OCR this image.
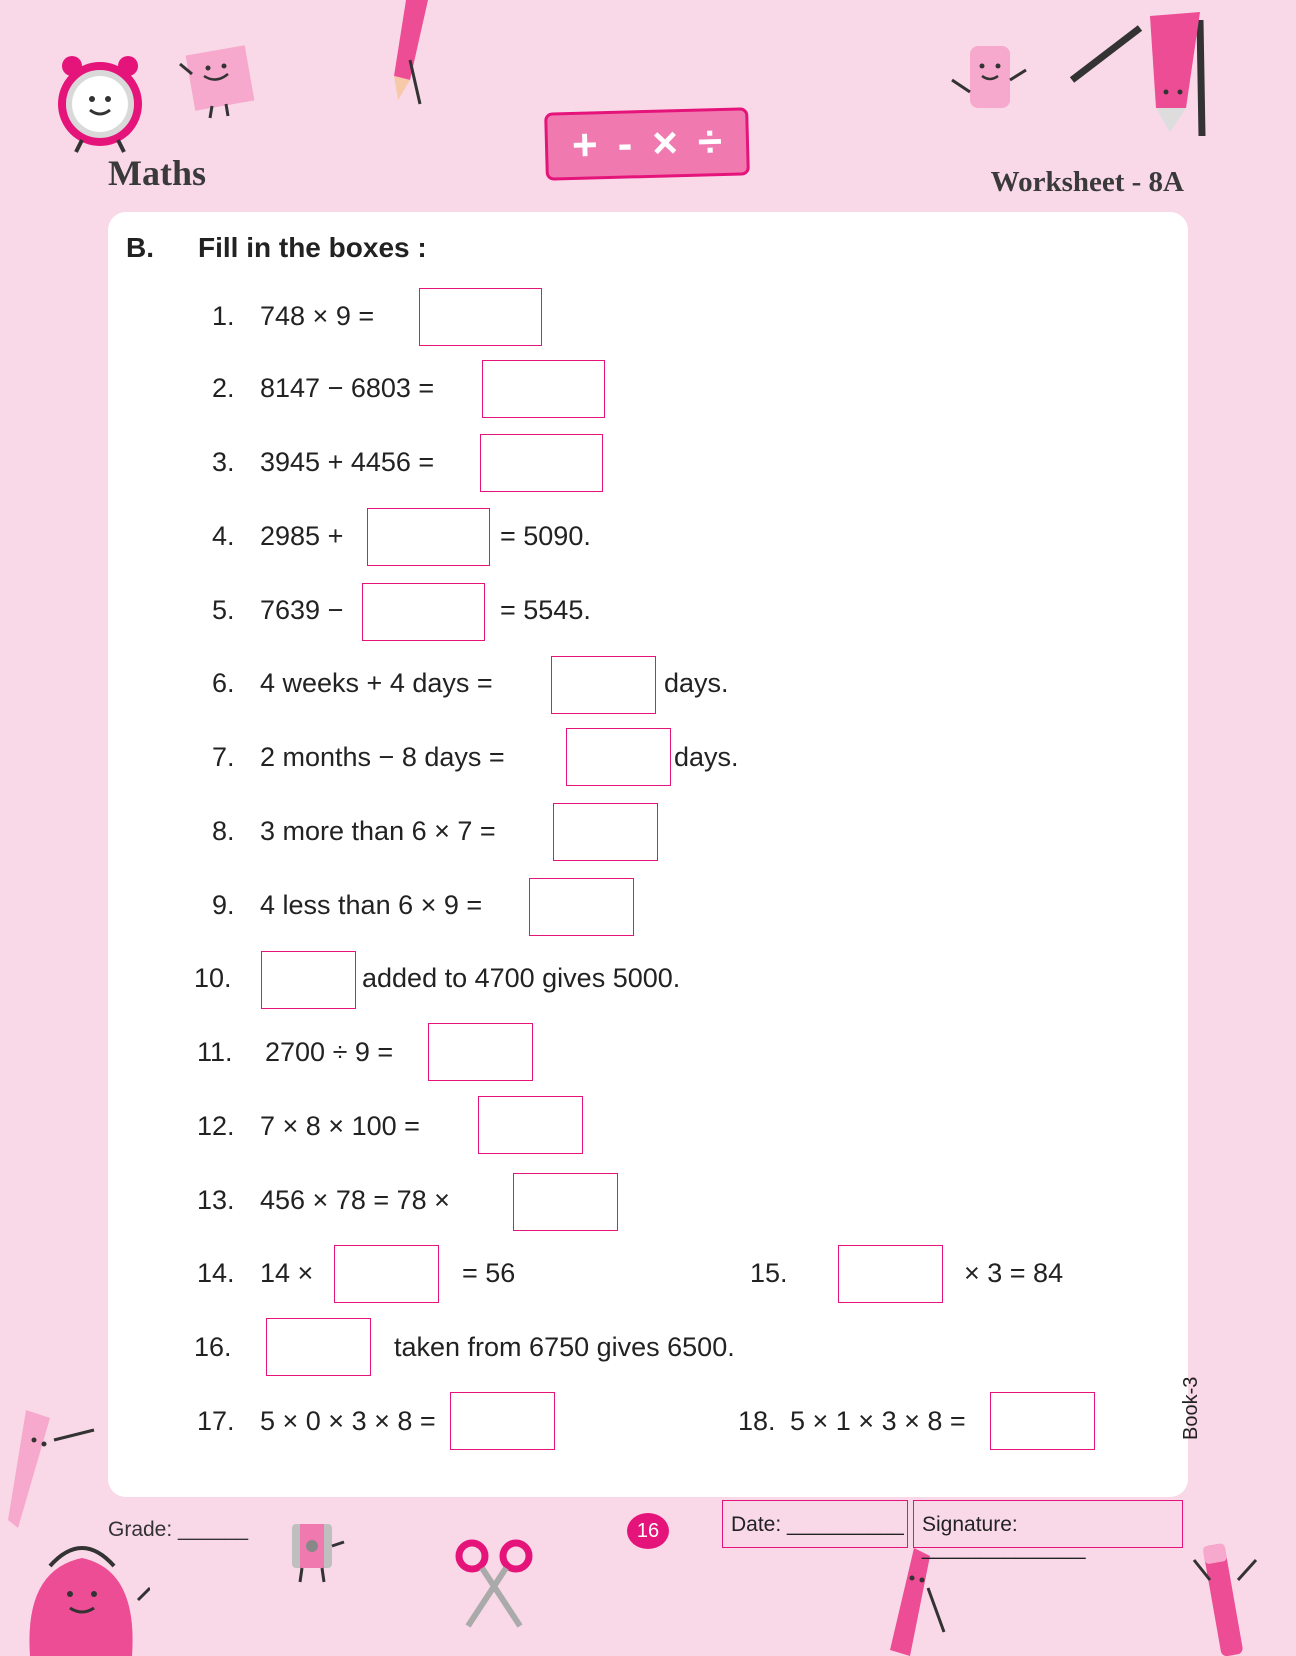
Maths
+ - × ÷
Worksheet - 8A
B. Fill in the boxes :
1. 748 × 9 =
2. 8147 − 6803 =
3. 3945 + 4456 =
4. 2985 +	= 5090.
5. 7639 −	= 5545.
6. 4 weeks + 4 days =	days.
7. 2 months − 8 days =	days.
8. 3 more than 6 × 7 =
9. 4 less than 6 × 9 =
10.	added to 4700 gives 5000.
11. 2700 ÷ 9 =
12. 7 × 8 × 100 =
13. 456 × 78 = 78 ×
14. 14 ×	= 56	15.	× 3 = 84
16.	taken from 6750 gives 6500.
17. 5 × 0 × 3 × 8 =	18. 5 × 1 × 3 × 8 =	Book-3
Grade: ______	16	Date: __________ Signature: ______________
